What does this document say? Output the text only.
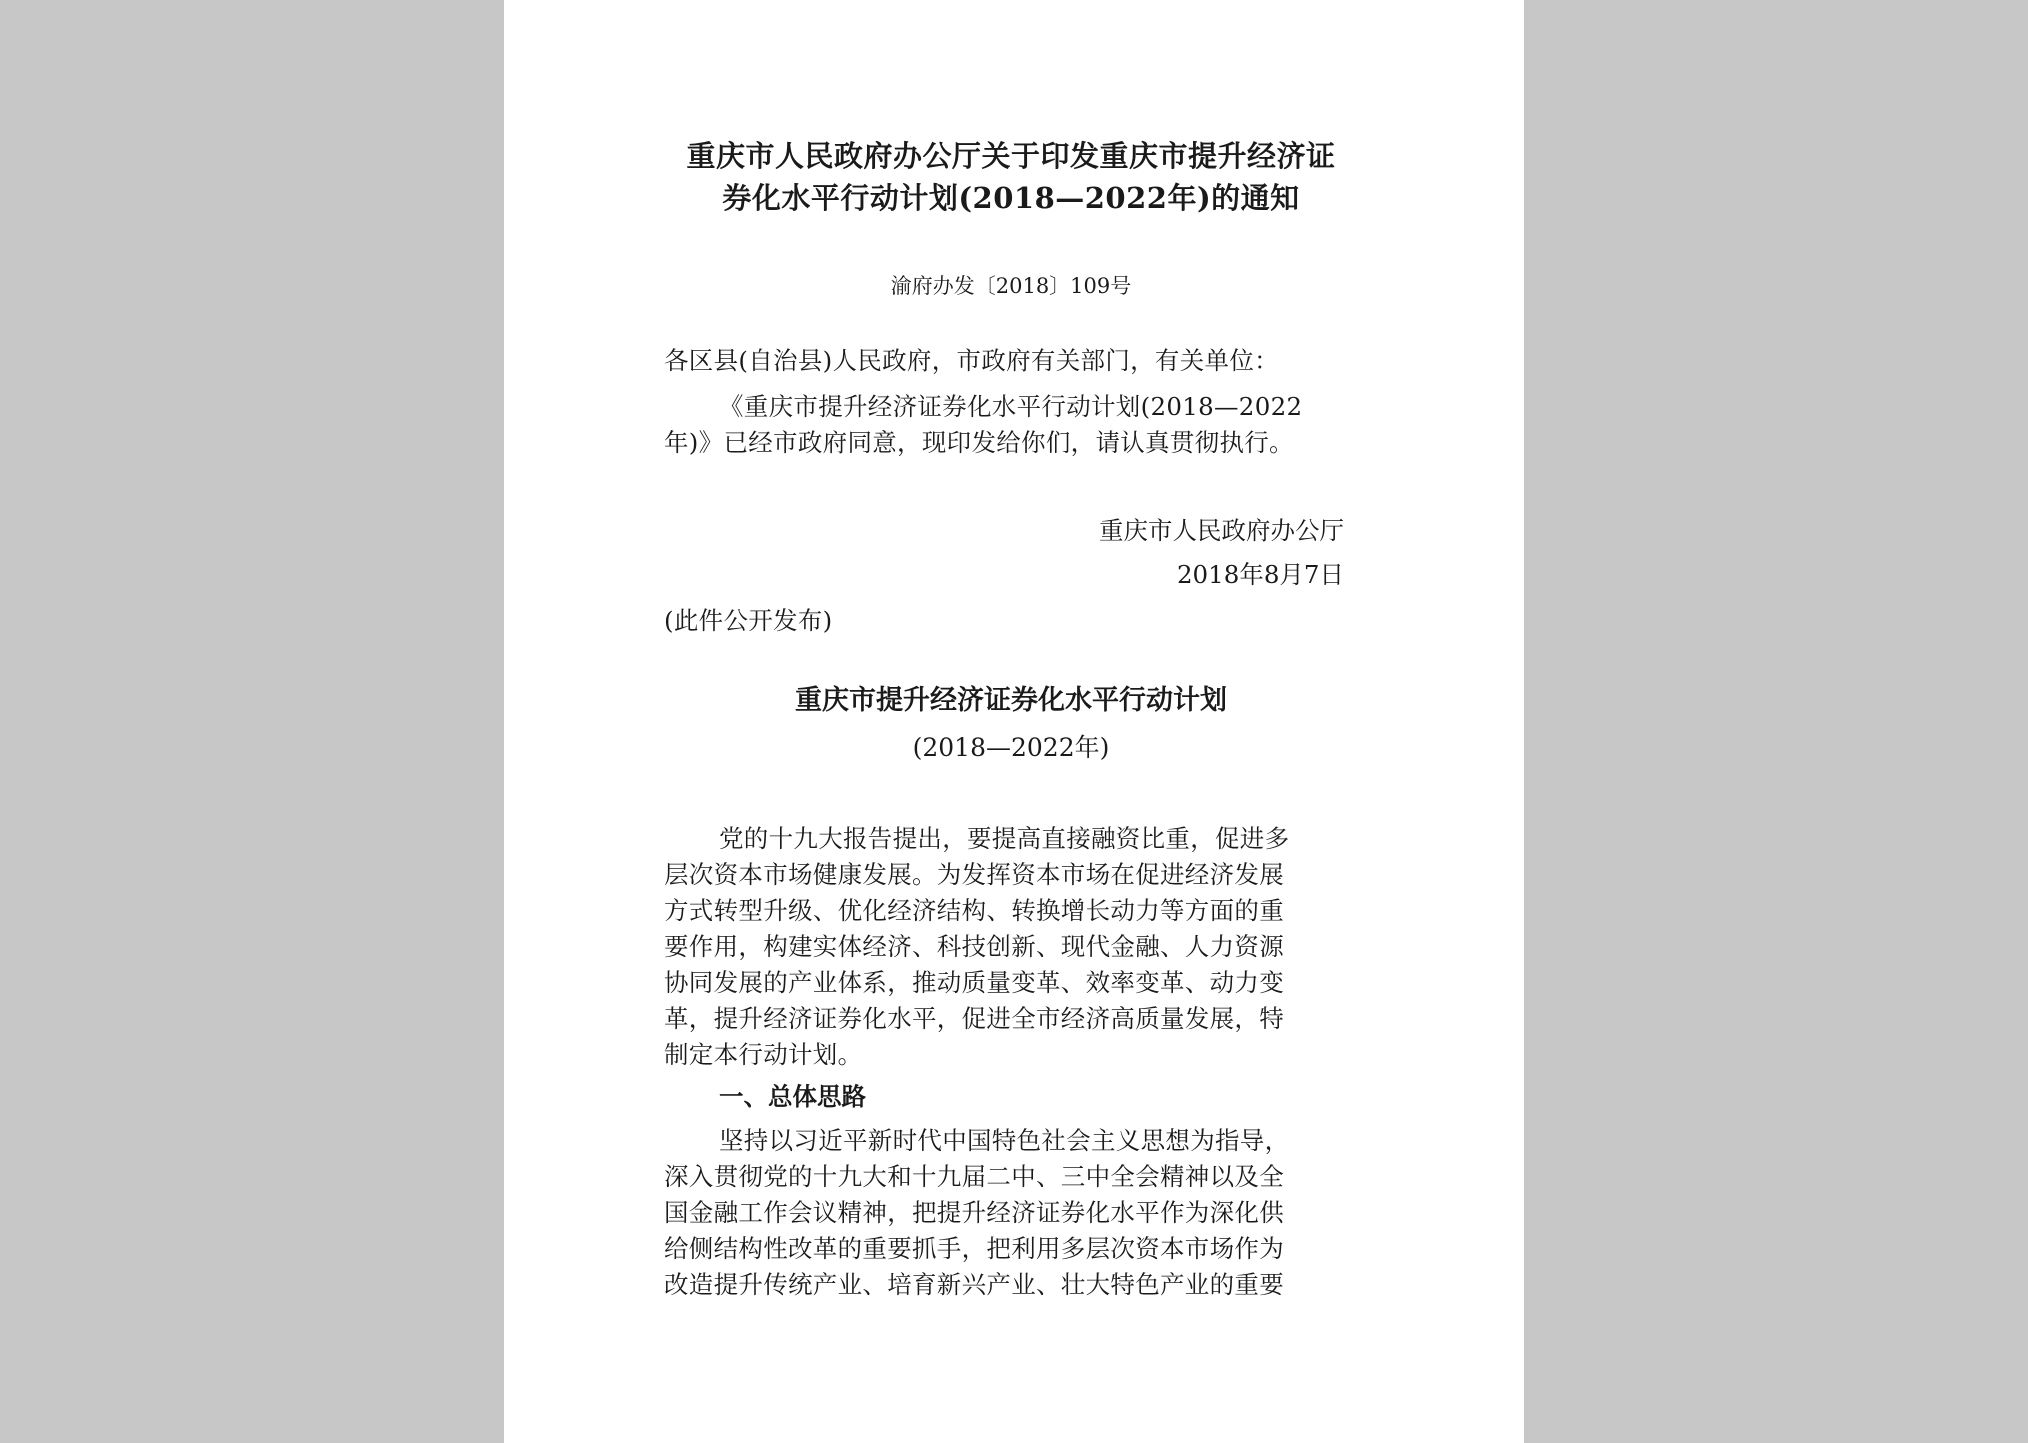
重庆市人民政府办公厅关于印发重庆市提升经济证
券化水平行动计划(2018—2022年)的通知
渝府办发〔2018〕109号
各区县(自治县)人民政府，市政府有关部门，有关单位：
《重庆市提升经济证券化水平行动计划(2018—2022
年)》已经市政府同意，现印发给你们，请认真贯彻执行。
重庆市人民政府办公厅
2018年8月7日
(此件公开发布)
重庆市提升经济证券化水平行动计划
(2018—2022年)
党的十九大报告提出，要提高直接融资比重，促进多
层次资本市场健康发展。为发挥资本市场在促进经济发展
方式转型升级、优化经济结构、转换增长动力等方面的重
要作用，构建实体经济、科技创新、现代金融、人力资源
协同发展的产业体系，推动质量变革、效率变革、动力变
革，提升经济证券化水平，促进全市经济高质量发展，特
制定本行动计划。
一、总体思路
坚持以习近平新时代中国特色社会主义思想为指导，
深入贯彻党的十九大和十九届二中、三中全会精神以及全
国金融工作会议精神，把提升经济证券化水平作为深化供
给侧结构性改革的重要抓手，把利用多层次资本市场作为
改造提升传统产业、培育新兴产业、壮大特色产业的重要
